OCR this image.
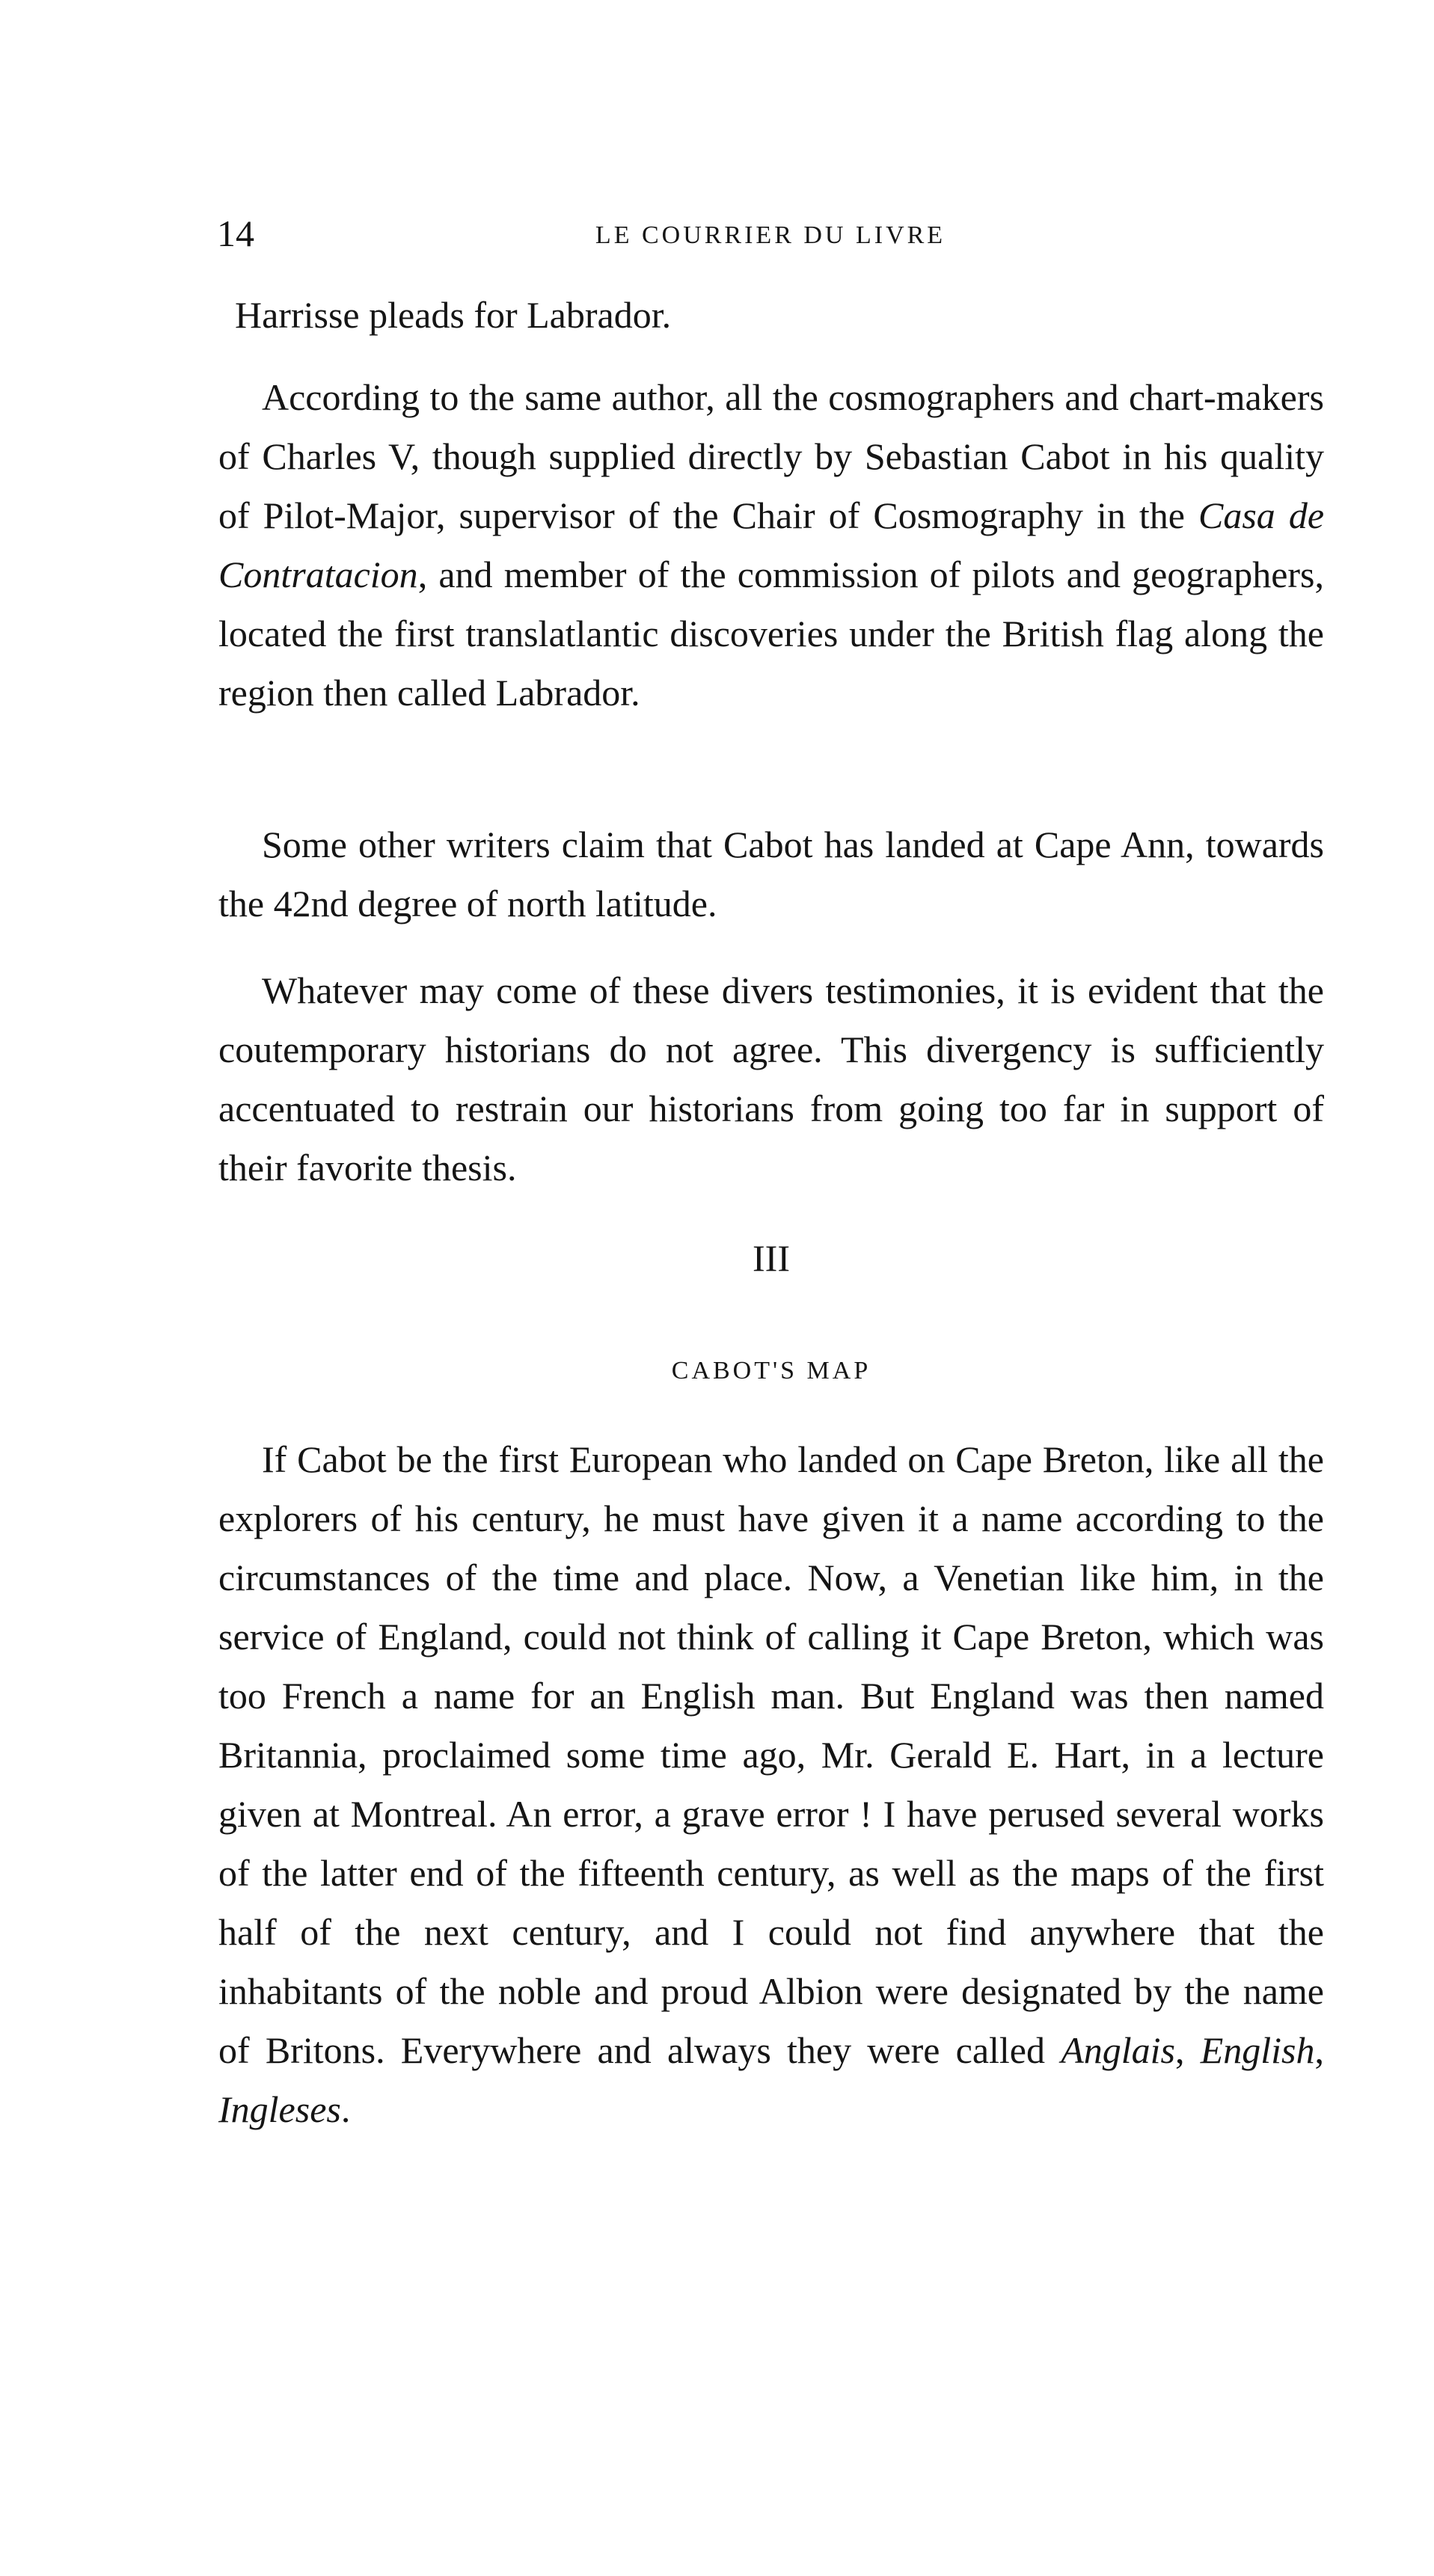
14	LE COURRIER DU LIVRE

Harrisse pleads for Labrador.

According to the same author, all the cosmographers and chart-makers of Charles V, though supplied directly by Sebastian Cabot in his quality of Pilot-Major, supervisor of the Chair of Cosmography in the Casa de Contratacion, and member of the commission of pilots and geographers, located the first translatlantic discoveries under the British flag along the region then called Labrador.

Some other writers claim that Cabot has landed at Cape Ann, towards the 42nd degree of north latitude.

Whatever may come of these divers testimonies, it is evident that the coutemporary historians do not agree. This divergency is sufficiently accentuated to restrain our historians from going too far in support of their favorite thesis.

III
CABOT'S MAP

If Cabot be the first European who landed on Cape Breton, like all the explorers of his century, he must have given it a name according to the circumstances of the time and place. Now, a Venetian like him, in the service of England, could not think of calling it Cape Breton, which was too French a name for an English man. But England was then named Britannia, proclaimed some time ago, Mr. Gerald E. Hart, in a lecture given at Montreal. An error, a grave error ! I have perused several works of the latter end of the fifteenth century, as well as the maps of the first half of the next century, and I could not find anywhere that the inhabitants of the noble and proud Albion were designated by the name of Britons. Everywhere and always they were called Anglais, English, Ingleses.
